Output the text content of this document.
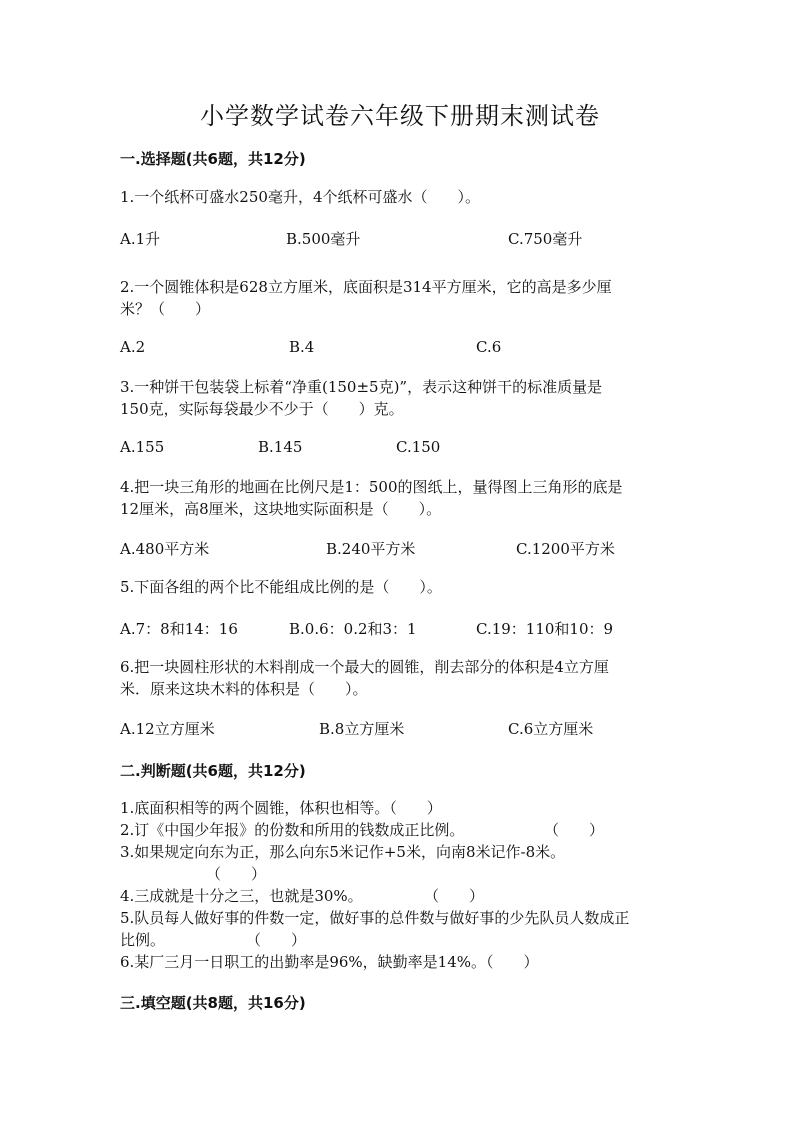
小学数学试卷六年级下册期末测试卷
一.选择题(共6题，共12分)
1.一个纸杯可盛水250毫升，4个纸杯可盛水（　　）。
A.1升	B.500毫升	C.750毫升
2.一个圆锥体积是628立方厘米，底面积是314平方厘米，它的高是多少厘
米？（　　）
A.2	B.4	C.6
3.一种饼干包装袋上标着“净重(150±5克)”，表示这种饼干的标准质量是
150克，实际每袋最少不少于（　　）克。
A.155	B.145	C.150
4.把一块三角形的地画在比例尺是1：500的图纸上，量得图上三角形的底是
12厘米，高8厘米，这块地实际面积是（　　）。
A.480平方米	B.240平方米	C.1200平方米
5.下面各组的两个比不能组成比例的是（　　）。
A.7：8和14：16	B.0.6：0.2和3：1	C.19：110和10：9
6.把一块圆柱形状的木料削成一个最大的圆锥，削去部分的体积是4立方厘
米．原来这块木料的体积是（　　）。
A.12立方厘米	B.8立方厘米	C.6立方厘米
二.判断题(共6题，共12分)
1.底面积相等的两个圆锥，体积也相等。（　　）
2.订《中国少年报》的份数和所用的钱数成正比例。	（　　）
3.如果规定向东为正，那么向东5米记作+5米，向南8米记作-8米。
（　　）
4.三成就是十分之三，也就是30%。	（　　）
5.队员每人做好事的件数一定，做好事的总件数与做好事的少先队员人数成正
比例。	（　　）
6.某厂三月一日职工的出勤率是96%，缺勤率是14%。（　　）
三.填空题(共8题，共16分)
